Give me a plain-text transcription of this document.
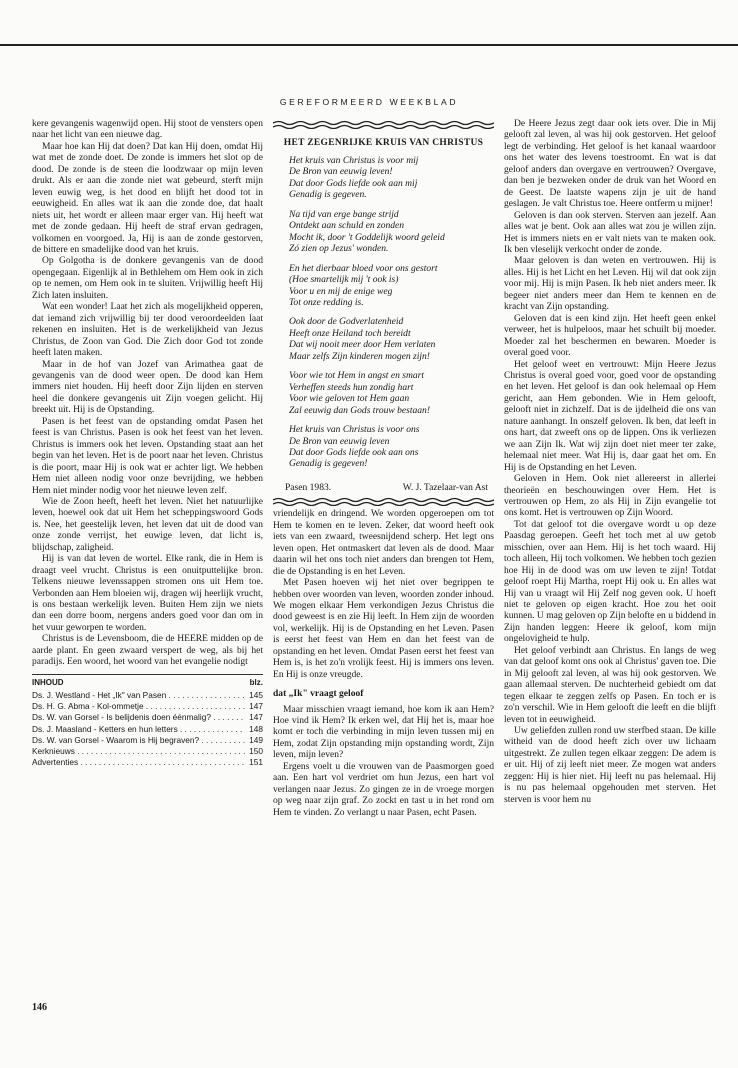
GEREFORMEERD WEEKBLAD

kere gevangenis wagenwijd open. Hij stoot de vensters open naar het licht van een nieuwe dag.

Maar hoe kan Hij dat doen? Dat kan Hij doen, omdat Hij wat met de zonde doet. De zonde is immers het slot op de dood. De zonde is de steen die loodzwaar op mijn leven drukt. Als er aan die zonde niet wat gebeurd, sterft mijn leven euwig weg, is het dood en blijft het dood tot in eeuwigheid. En alles wat ik aan die zonde doe, dat haalt niets uit, het wordt er alleen maar erger van. Hij heeft wat met de zonde gedaan. Hij heeft de straf ervan gedragen, volkomen en voorgoed. Ja, Hij is aan de zonde gestorven, de bittere en smadelijke dood van het kruis.

Op Golgotha is de donkere gevangenis van de dood opengegaan. Eigenlijk al in Bethlehem om Hem ook in zich op te nemen, om Hem ook in te sluiten. Vrijwillig heeft Hij Zich laten insluiten.

Wat een wonder! Laat het zich als mogelijkheid opperen, dat iemand zich vrijwillig bij ter dood veroordeelden laat rekenen en insluiten. Het is de werkelijkheid van Jezus Christus, de Zoon van God. Die Zich door God tot zonde heeft laten maken.

Maar in de hof van Jozef van Arimathea gaat de gevangenis van de dood weer open. De dood kan Hem immers niet houden. Hij heeft door Zijn lijden en sterven heel die donkere gevangenis uit Zijn voegen gelicht. Hij breekt uit. Hij is de Opstanding.

Pasen is het feest van de opstanding omdat Pasen het feest is van Christus. Pasen is ook het feest van het leven. Christus is immers ook het leven. Opstanding staat aan het begin van het leven. Het is de poort naar het leven. Christus is die poort, maar Hij is ook wat er achter ligt. We hebben Hem niet alleen nodig voor onze bevrijding, we hebben Hem niet minder nodig voor het nieuwe leven zelf.

Wie de Zoon heeft, heeft het leven. Niet het natuurlijke leven, hoewel ook dat uit Hem het scheppingswoord Gods is. Nee, het geestelijk leven, het leven dat uit de dood van onze zonde verrijst, het euwige leven, dat licht is, blijdschap, zaligheid.

Hij is van dat leven de wortel. Elke rank, die in Hem is draagt veel vrucht. Christus is een onuitputtelijke bron. Telkens nieuwe levenssappen stromen ons uit Hem toe. Verbonden aan Hem bloeien wij, dragen wij heerlijk vrucht, is ons bestaan werkelijk leven. Buiten Hem zijn we niets dan een dorre boom, nergens anders goed voor dan om in het vuur geworpen te worden.

Christus is de Levensboom, die de HEERE midden op de aarde plant. En geen zwaard verspert de weg, als bij het paradijs. Een woord, het woord van het evangelie nodigt

INHOUD	blz.
Ds. J. Westland - Het „Ik" van Pasen . . .	145
Ds. H. G. Abma - Kol-ommetje . . .	147
Ds. W. van Gorsel - Is belijdenis doen éénmalig? . . .	147
Ds. J. Maasland - Ketters en hun letters . . .	148
Ds. W. van Gorsel - Waarom is Hij begraven? . . .	149
Kerknieuws . . .	150
Advertenties . . .	151
HET ZEGENRIJKE KRUIS VAN CHRISTUS
Het kruis van Christus is voor mij
De Bron van eeuwig leven!
Dat door Gods liefde ook aan mij
Genadig is gegeven.
Na tijd van erge bange strijd
Ontdekt aan schuld en zonden
Mocht ik, door 't Goddelijk woord geleid
Zó zien op Jezus' wonden.
En het dierbaar bloed voor ons gestort
(Hoe smartelijk mij 't ook is)
Voor u en mij de enige weg
Tot onze redding is.
Ook door de Godverlatenheid
Heeft onze Heiland toch bereidt
Dat wij nooit meer door Hem verlaten
Maar zelfs Zijn kinderen mogen zijn!
Voor wie tot Hem in angst en smart
Verheffen steeds hun zondig hart
Voor wie geloven tot Hem gaan
Zal eeuwig dan Gods trouw bestaan!
Het kruis van Christus is voor ons
De Bron van eeuwig leven
Dat door Gods liefde ook aan ons
Genadig is gegeven!
Pasen 1983.	W. J. Tazelaar-van Ast

vriendelijk en dringend. We worden opgeroepen om tot Hem te komen en te leven. Zeker, dat woord heeft ook iets van een zwaard, tweesnijdend scherp. Het legt ons leven open. Het ontmaskert dat leven als de dood. Maar daarin wil het ons toch niet anders dan brengen tot Hem, die de Opstanding is en het Leven.

Met Pasen hoeven wij het niet over begrippen te hebben over woorden van leven, woorden zonder inhoud. We mogen elkaar Hem verkondigen Jezus Christus die dood geweest is en zie Hij leeft. In Hem zijn de woorden vol, werkelijk. Hij is de Opstanding en het Leven. Pasen is eerst het feest van Hem en dan het feest van de opstanding en het leven. Omdat Pasen eerst het feest van Hem is, is het zo'n vrolijk feest. Hij is immers ons leven. En Hij is onze vreugde.

dat „Ik" vraagt geloof

Maar misschien vraagt iemand, hoe kom ik aan Hem? Hoe vind ik Hem? Ik erken wel, dat Hij het is, maar hoe komt er toch die verbinding in mijn leven tussen mij en Hem, zodat Zijn opstanding mijn opstanding wordt, Zijn leven, mijn leven?

Ergens voelt u die vrouwen van de Paasmorgen goed aan. Een hart vol verdriet om hun Jezus, een hart vol verlangen naar Jezus. Zo gingen ze in de vroege morgen op weg naar zijn graf. Zo zockt en tast u in het rond om Hem te vinden. Zo verlangt u naar Pasen, echt Pasen.

De Heere Jezus zegt daar ook iets over. Die in Mij gelooft zal leven, al was hij ook gestorven. Het geloof legt de verbinding. Het geloof is het kanaal waardoor ons het water des levens toestroomt. En wat is dat geloof anders dan overgave en vertrouwen? Overgave, dan ben je bezweken onder de druk van het Woord en de Geest. De laatste wapens zijn je uit de hand geslagen. Je valt Christus toe. Heere ontferm u mijner!

Geloven is dan ook sterven. Sterven aan jezelf. Aan alles wat je bent. Ook aan alles wat zou je willen zijn. Het is immers niets en er valt niets van te maken ook. Ik ben vleselijk verkocht onder de zonde.

Maar geloven is dan weten en vertrouwen. Hij is alles. Hij is het Licht en het Leven. Hij wil dat ook zijn voor mij. Hij is mijn Pasen. Ik heb niet anders meer. Ik begeer niet anders meer dan Hem te kennen en de kracht van Zijn opstanding.

Geloven dat is een kind zijn. Het heeft geen enkel verweer, het is hulpeloos, maar het schuilt bij moeder. Moeder zal het beschermen en bewaren. Moeder is overal goed voor.

Het geloof weet en vertrouwt: Mijn Heere Jezus Christus is overal goed voor, goed voor de opstanding en het leven. Het geloof is dan ook helemaal op Hem gericht, aan Hem gebonden. Wie in Hem gelooft, gelooft niet in zichzelf. Dat is de ijdelheid die ons van nature aanhangt. In onszelf geloven. Ik ben, dat leeft in ons hart, dat zweeft ons op de lippen. Ons ik verliezen we aan Zijn Ik. Wat wij zijn doet niet meer ter zake, helemaal niet meer. Wat Hij is, daar gaat het om. En Hij is de Opstanding en het Leven.

Geloven in Hem. Ook niet allereerst in allerlei theorieën en beschouwingen over Hem. Het is vertrouwen op Hem, zo als Hij in Zijn evangelie tot ons komt. Het is vertrouwen op Zijn Woord.

Tot dat geloof tot die overgave wordt u op deze Paasdag geroepen. Geeft het toch met al uw getob misschien, over aan Hem. Hij is het toch waard. Hij toch alleen, Hij toch volkomen. We hebben toch gezien hoe Hij in de dood was om uw leven te zijn! Totdat geloof roept Hij Martha, roept Hij ook u. En alles wat Hij van u vraagt wil Hij Zelf nog geven ook. U hoeft niet te geloven op eigen kracht. Hoe zou het ooit kunnen. U mag geloven op Zijn belofte en u biddend in Zijn handen leggen: Heere ik geloof, kom mijn ongelovigheid te hulp.

Het geloof verbindt aan Christus. En langs de weg van dat geloof komt ons ook al Christus' gaven toe. Die in Mij gelooft zal leven, al was hij ook gestorven. We gaan allemaal sterven. De nuchterheid gebiedt om dat tegen elkaar te zeggen zelfs op Pasen. En toch er is zo'n verschil. Wie in Hem gelooft die leeft en die blijft leven tot in eeuwigheid.

Uw geliefden zullen rond uw sterfbed staan. De kille witheid van de dood heeft zich over uw lichaam uitgestrekt. Ze zullen tegen elkaar zeggen: De adem is er uit. Hij of zij leeft niet meer. Ze mogen wat anders zeggen: Hij is hier niet. Hij leeft nu pas helemaal. Hij is nu pas helemaal opgehouden met sterven. Het sterven is voor hem nu

146
